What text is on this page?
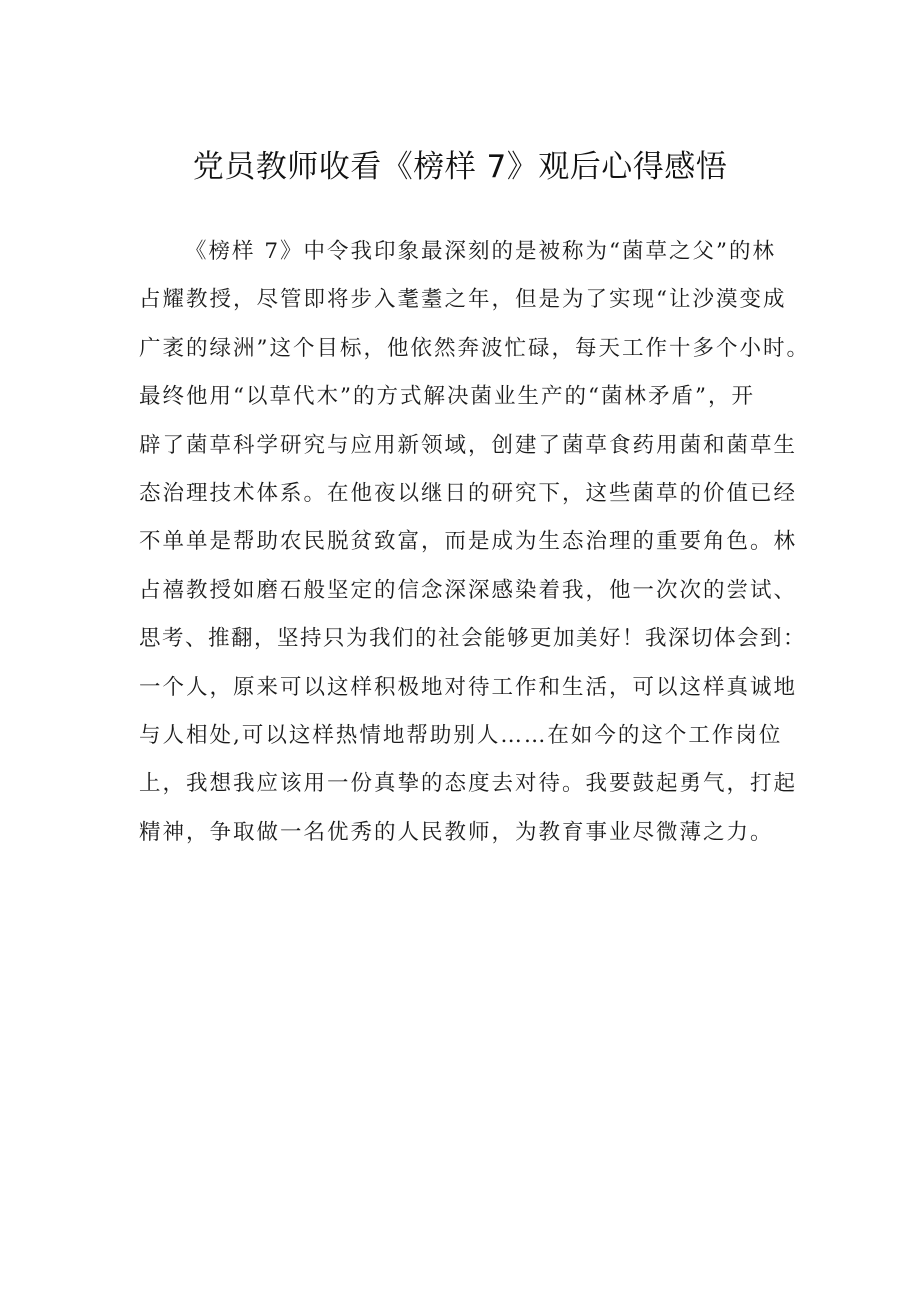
党员教师收看《榜样 7》观后心得感悟
《榜样 7》中令我印象最深刻的是被称为“菌草之父”的林
占耀教授，尽管即将步入耄耋之年，但是为了实现“让沙漠变成
广袤的绿洲”这个目标，他依然奔波忙碌，每天工作十多个小时。
最终他用“以草代木”的方式解决菌业生产的“菌林矛盾”，开
辟了菌草科学研究与应用新领域，创建了菌草食药用菌和菌草生
态治理技术体系。在他夜以继日的研究下，这些菌草的价值已经
不单单是帮助农民脱贫致富，而是成为生态治理的重要角色。林
占禧教授如磨石般坚定的信念深深感染着我，他一次次的尝试、
思考、推翻，坚持只为我们的社会能够更加美好！我深切体会到：
一个人，原来可以这样积极地对待工作和生活，可以这样真诚地
与人相处,可以这样热情地帮助别人……在如今的这个工作岗位
上，我想我应该用一份真挚的态度去对待。我要鼓起勇气，打起
精神，争取做一名优秀的人民教师，为教育事业尽微薄之力。
